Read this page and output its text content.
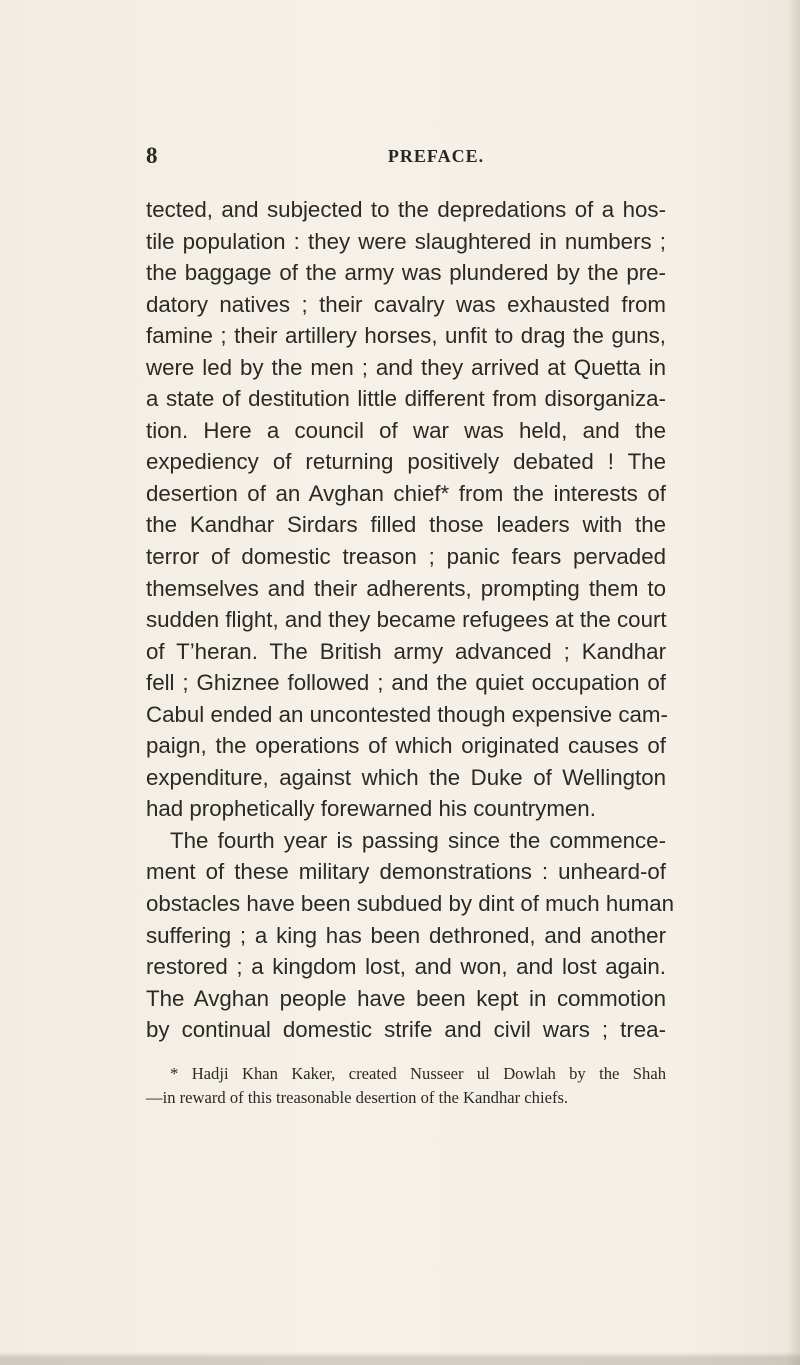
8	PREFACE.
tected, and subjected to the depredations of a hos-
tile population : they were slaughtered in numbers ;
the baggage of the army was plundered by the pre-
datory natives ; their cavalry was exhausted from
famine ; their artillery horses, unfit to drag the guns,
were led by the men ; and they arrived at Quetta in
a state of destitution little different from disorganiza-
tion. Here a council of war was held, and the
expediency of returning positively debated ! The
desertion of an Avghan chief* from the interests of
the Kandhar Sirdars filled those leaders with the
terror of domestic treason ; panic fears pervaded
themselves and their adherents, prompting them to
sudden flight, and they became refugees at the court
of T’heran. The British army advanced ; Kandhar
fell ; Ghiznee followed ; and the quiet occupation of
Cabul ended an uncontested though expensive cam-
paign, the operations of which originated causes of
expenditure, against which the Duke of Wellington
had prophetically forewarned his countrymen.
The fourth year is passing since the commence-
ment of these military demonstrations : unheard-of
obstacles have been subdued by dint of much human
suffering ; a king has been dethroned, and another
restored ; a kingdom lost, and won, and lost again.
The Avghan people have been kept in commotion
by continual domestic strife and civil wars ; trea-
* Hadji Khan Kaker, created Nusseer ul Dowlah by the Shah
—in reward of this treasonable desertion of the Kandhar chiefs.
